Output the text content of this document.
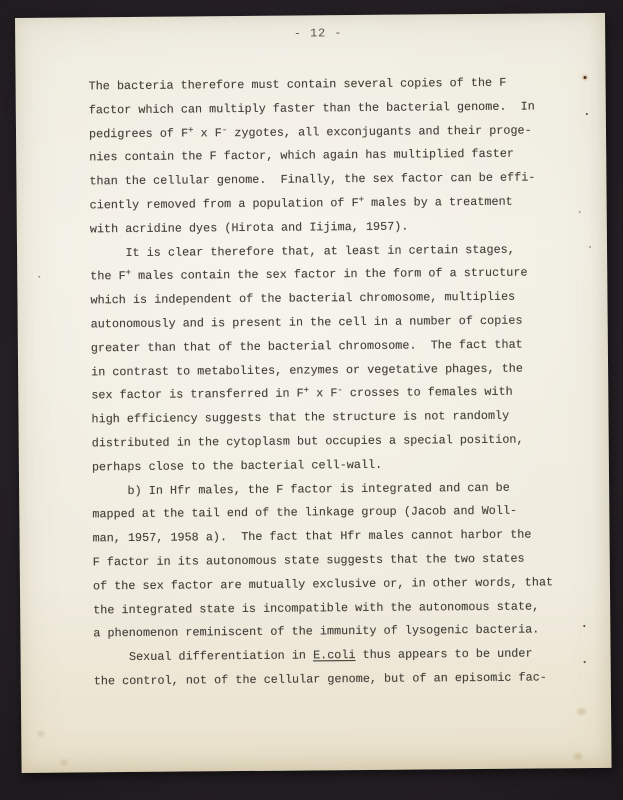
- 12 -
The bacteria therefore must contain several copies of the F
factor which can multiply faster than the bacterial genome.  In
pedigrees of F+ x F- zygotes, all exconjugants and their proge-
nies contain the F factor, which again has multiplied faster
than the cellular genome.  Finally, the sex factor can be effi-
ciently removed from a population of F+ males by a treatment
with acridine dyes (Hirota and Iijima, 1957).
It is clear therefore that, at least in certain stages,
the F+ males contain the sex factor in the form of a structure
which is independent of the bacterial chromosome, multiplies
autonomously and is present in the cell in a number of copies
greater than that of the bacterial chromosome.  The fact that
in contrast to metabolites, enzymes or vegetative phages, the
sex factor is transferred in F+ x F- crosses to females with
high efficiency suggests that the structure is not randomly
distributed in the cytoplasm but occupies a special position,
perhaps close to the bacterial cell-wall.
b) In Hfr males, the F factor is integrated and can be
mapped at the tail end of the linkage group (Jacob and Woll-
man, 1957, 1958 a).  The fact that Hfr males cannot harbor the
F factor in its autonomous state suggests that the two states
of the sex factor are mutually exclusive or, in other words, that
the integrated state is incompatible with the autonomous state,
a phenomenon reminiscent of the immunity of lysogenic bacteria.
Sexual differentiation in E.coli thus appears to be under
the control, not of the cellular genome, but of an episomic fac-
